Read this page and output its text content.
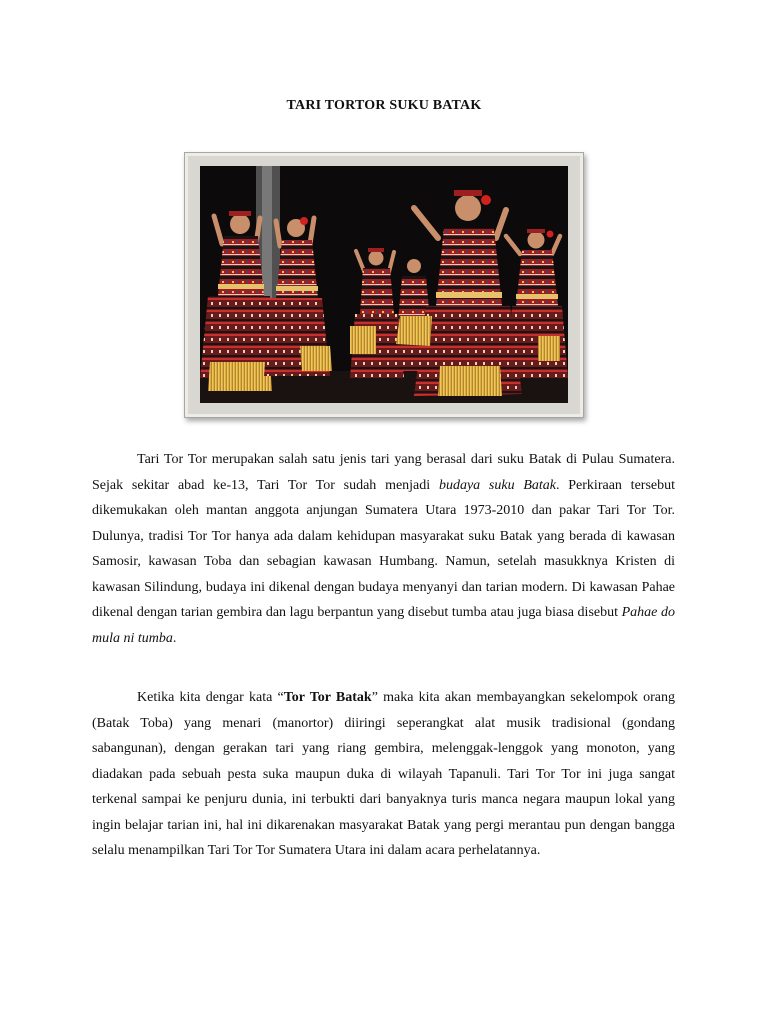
TARI TORTOR SUKU BATAK

Tari Tor Tor merupakan salah satu jenis tari yang berasal dari suku Batak di Pulau Sumatera. Sejak sekitar abad ke-13, Tari Tor Tor sudah menjadi budaya suku Batak. Perkiraan tersebut dikemukakan oleh mantan anggota anjungan Sumatera Utara 1973-2010 dan pakar Tari Tor Tor. Dulunya, tradisi Tor Tor hanya ada dalam kehidupan masyarakat suku Batak yang berada di kawasan Samosir, kawasan Toba dan sebagian kawasan Humbang. Namun, setelah masukknya Kristen di kawasan Silindung, budaya ini dikenal dengan budaya menyanyi dan tarian modern. Di kawasan Pahae dikenal dengan tarian gembira dan lagu berpantun yang disebut tumba atau juga biasa disebut Pahae do mula ni tumba.

Ketika kita dengar kata “Tor Tor Batak” maka kita akan membayangkan sekelompok orang (Batak Toba) yang menari (manortor) diiringi seperangkat alat musik tradisional (gondang sabangunan), dengan gerakan tari yang riang gembira, melenggak-lenggok yang monoton, yang diadakan pada sebuah pesta suka maupun duka di wilayah Tapanuli. Tari Tor Tor ini juga sangat terkenal sampai ke penjuru dunia, ini terbukti dari banyaknya turis manca negara maupun lokal yang ingin belajar tarian ini, hal ini dikarenakan masyarakat Batak yang pergi merantau pun dengan bangga selalu menampilkan Tari Tor Tor Sumatera Utara ini dalam acara perhelatannya.
